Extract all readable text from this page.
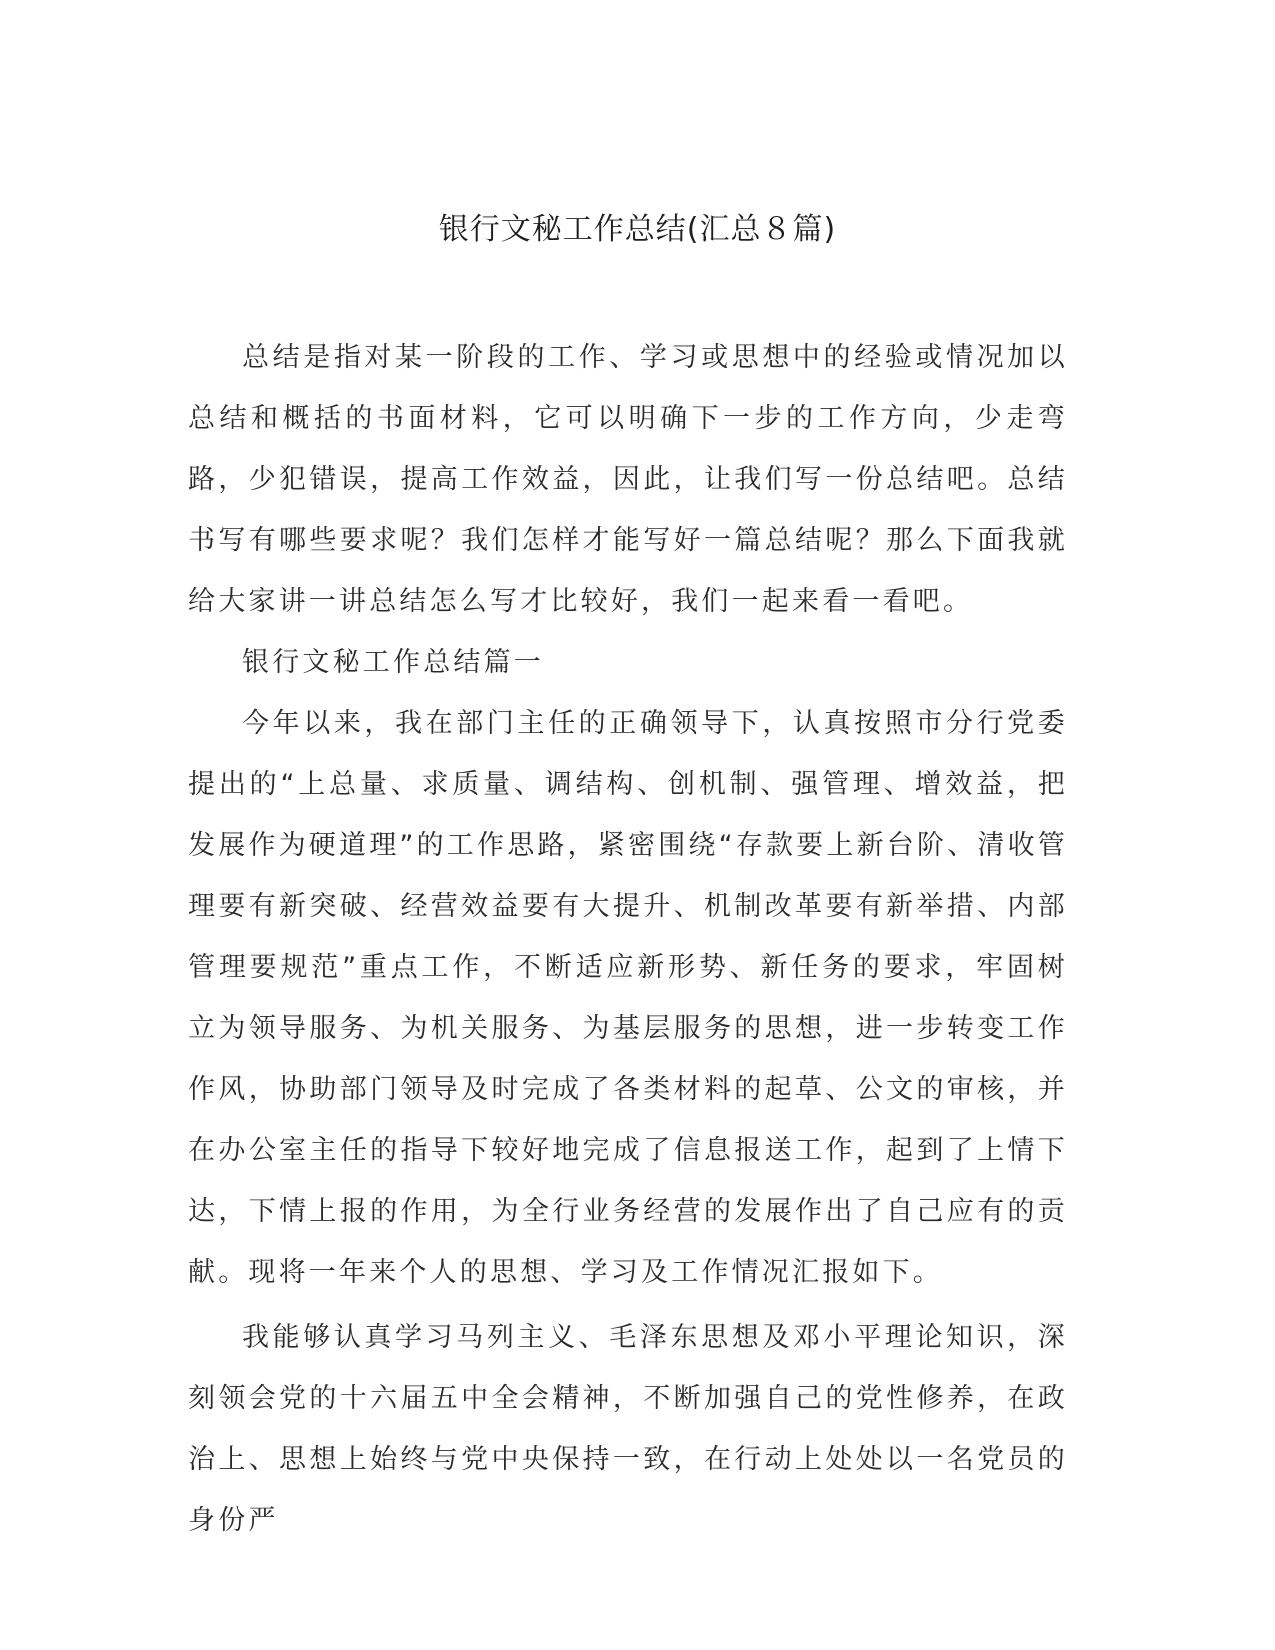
银行文秘工作总结(汇总８篇)

总结是指对某一阶段的工作、学习或思想中的经验或情况加以总结和概括的书面材料，它可以明确下一步的工作方向，少走弯路，少犯错误，提高工作效益，因此，让我们写一份总结吧。总结书写有哪些要求呢？我们怎样才能写好一篇总结呢？那么下面我就给大家讲一讲总结怎么写才比较好，我们一起来看一看吧。

银行文秘工作总结篇一

今年以来，我在部门主任的正确领导下，认真按照市分行党委提出的“上总量、求质量、调结构、创机制、强管理、增效益，把发展作为硬道理”的工作思路，紧密围绕“存款要上新台阶、清收管理要有新突破、经营效益要有大提升、机制改革要有新举措、内部管理要规范”重点工作，不断适应新形势、新任务的要求，牢固树立为领导服务、为机关服务、为基层服务的思想，进一步转变工作作风，协助部门领导及时完成了各类材料的起草、公文的审核，并在办公室主任的指导下较好地完成了信息报送工作，起到了上情下达，下情上报的作用，为全行业务经营的发展作出了自己应有的贡献。现将一年来个人的思想、学习及工作情况汇报如下。

我能够认真学习马列主义、毛泽东思想及邓小平理论知识，深刻领会党的十六届五中全会精神，不断加强自己的党性修养，在政治上、思想上始终与党中央保持一致，在行动上处处以一名党员的身份严
